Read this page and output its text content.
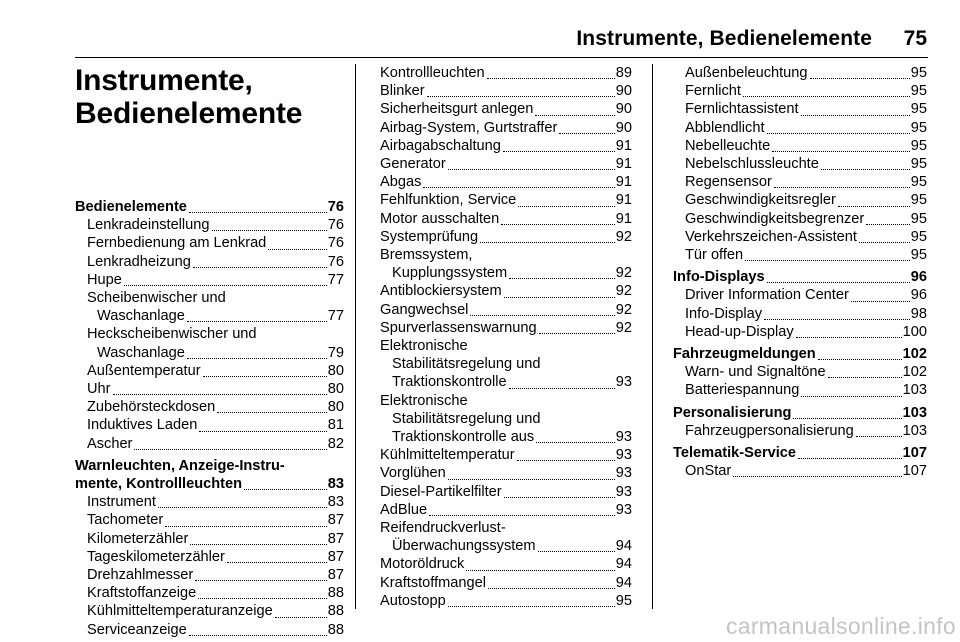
Instrumente, Bedienelemente 75
Instrumente,
Bedienelemente
Bedienelemente	76
Lenkradeinstellung	76
Fernbedienung am Lenkrad	76
Lenkradheizung	76
Hupe	77
Scheibenwischer und
Waschanlage	77
Heckscheibenwischer und
Waschanlage	79
Außentemperatur	80
Uhr	80
Zubehörsteckdosen	80
Induktives Laden	81
Ascher	82
Warnleuchten, Anzeige-Instru-
mente, Kontrollleuchten	83
Instrument	83
Tachometer	87
Kilometerzähler	87
Tageskilometerzähler	87
Drehzahlmesser	87
Kraftstoffanzeige	88
Kühlmitteltemperaturanzeige	88
Serviceanzeige	88
Kontrollleuchten	89
Blinker	90
Sicherheitsgurt anlegen	90
Airbag-System, Gurtstraffer	90
Airbagabschaltung	91
Generator	91
Abgas	91
Fehlfunktion, Service	91
Motor ausschalten	91
Systemprüfung	92
Bremssystem,
Kupplungssystem	92
Antiblockiersystem	92
Gangwechsel	92
Spurverlassenswarnung	92
Elektronische
Stabilitätsregelung und
Traktionskontrolle	93
Elektronische
Stabilitätsregelung und
Traktionskontrolle aus	93
Kühlmitteltemperatur	93
Vorglühen	93
Diesel-Partikelfilter	93
AdBlue	93
Reifendruckverlust-
Überwachungssystem	94
Motoröldruck	94
Kraftstoffmangel	94
Autostopp	95
Außenbeleuchtung	95
Fernlicht	95
Fernlichtassistent	95
Abblendlicht	95
Nebelleuchte	95
Nebelschlussleuchte	95
Regensensor	95
Geschwindigkeitsregler	95
Geschwindigkeitsbegrenzer	95
Verkehrszeichen-Assistent	95
Tür offen	95
Info-Displays	96
Driver Information Center	96
Info-Display	98
Head-up-Display	100
Fahrzeugmeldungen	102
Warn- und Signaltöne	102
Batteriespannung	103
Personalisierung	103
Fahrzeugpersonalisierung	103
Telematik-Service	107
OnStar	107
carmanualsonline.info
